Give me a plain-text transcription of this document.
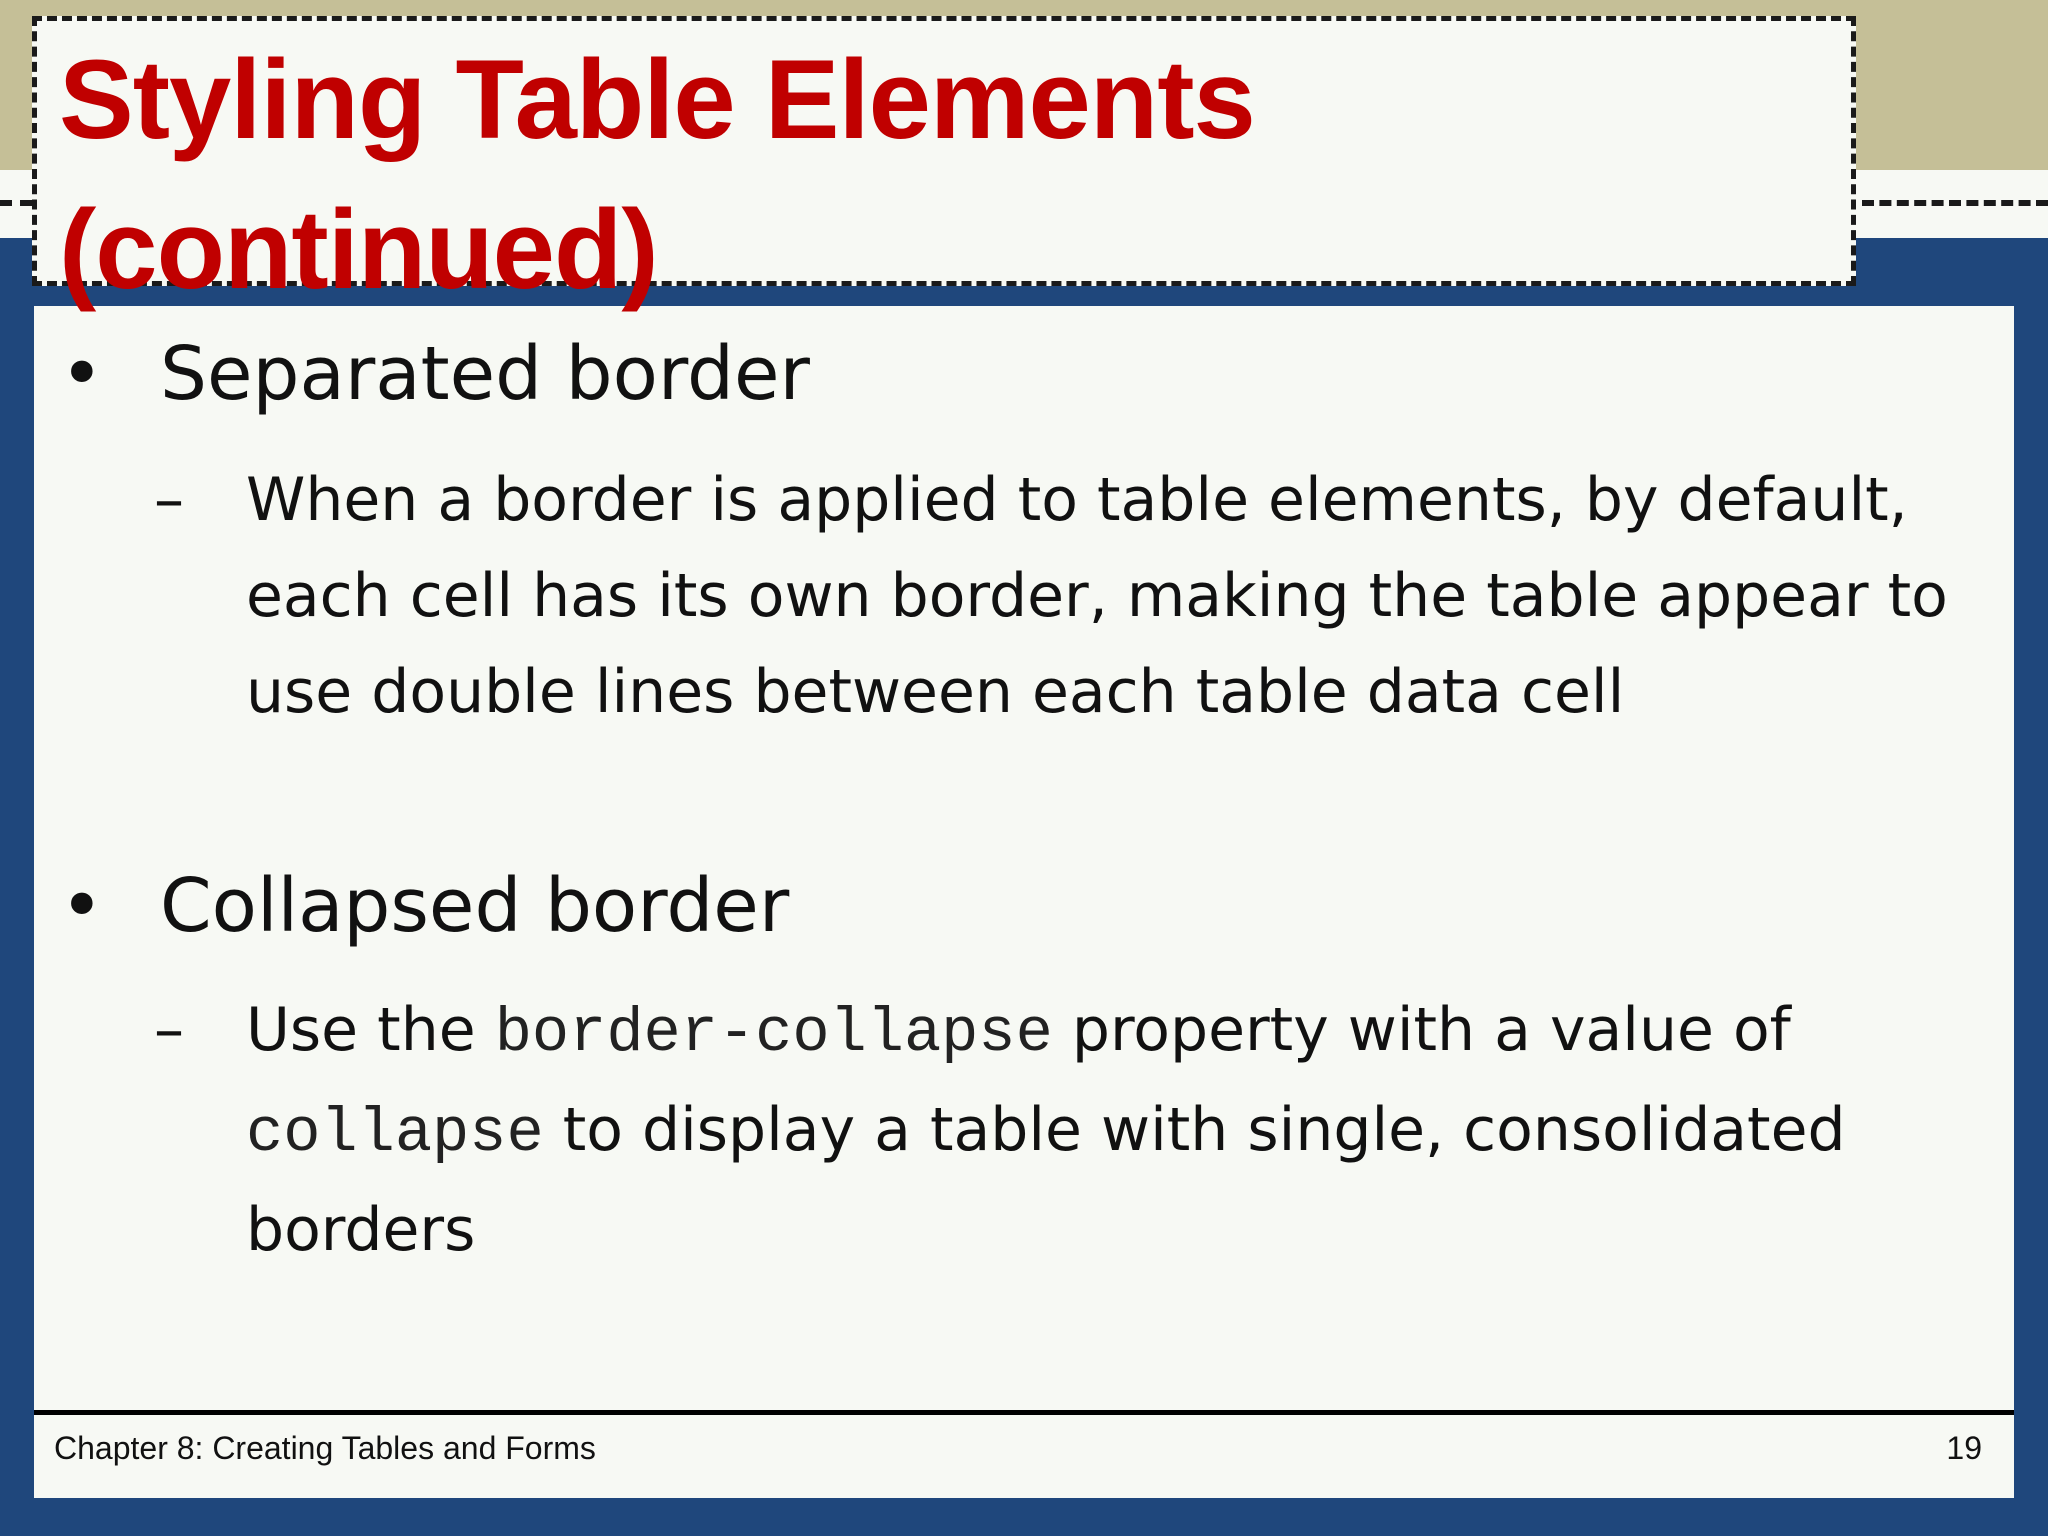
• Separated border
– When a border is applied to table elements, by default, each cell has its own border, making the table appear to use double lines between each table data cell
• Collapsed border
– Use the border-collapse property with a value of collapse to display a table with single, consolidated borders
Styling Table Elements
(continued)
Chapter 8: Creating Tables and Forms	19
